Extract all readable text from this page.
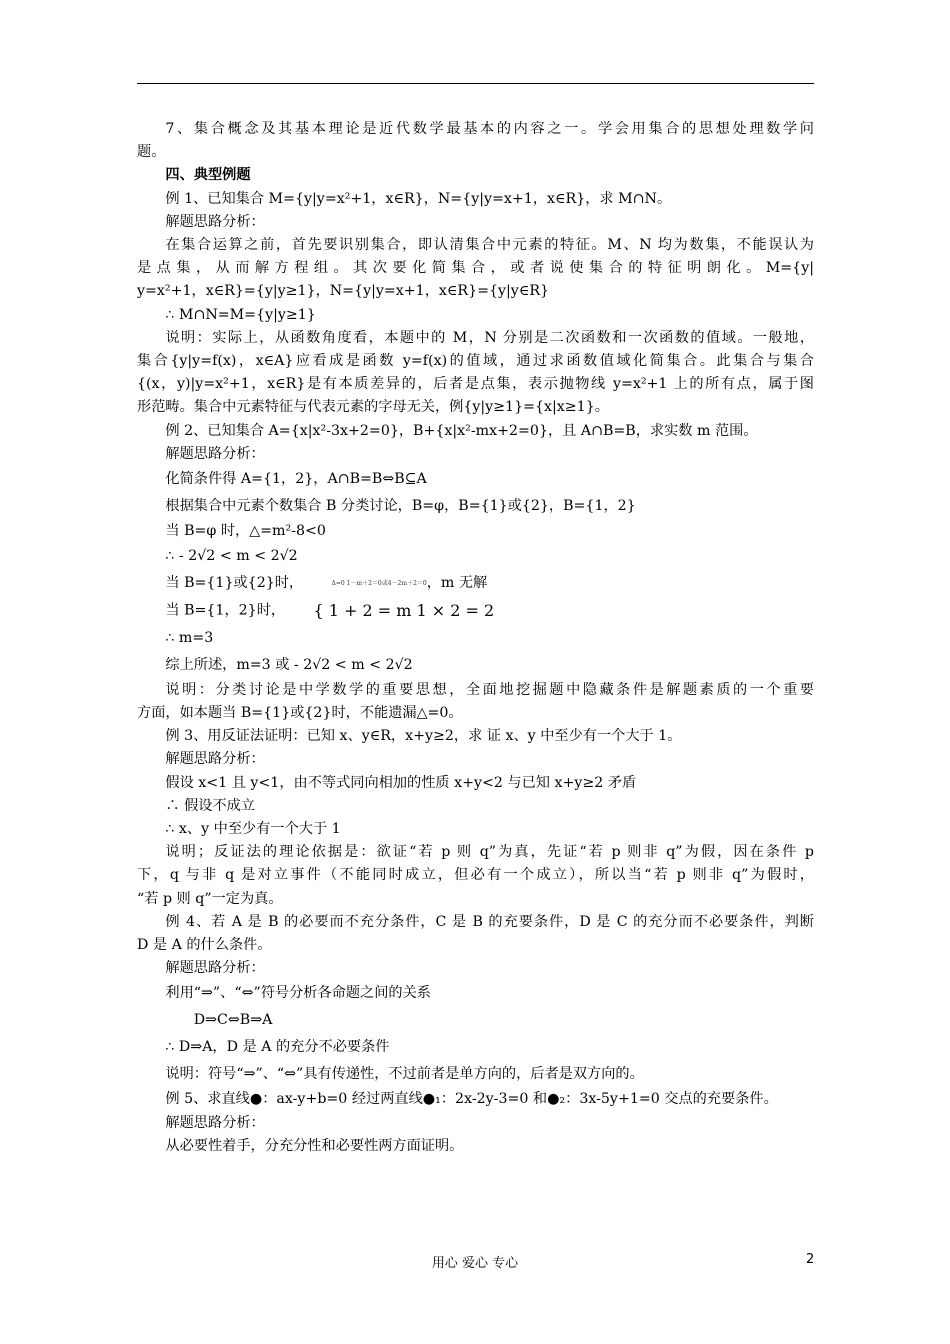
7、集合概念及其基本理论是近代数学最基本的内容之一。学会用集合的思想处理数学问

题。

四、典型例题

例 1、已知集合 M={y|y=x²+1，x∈R}，N={y|y=x+1，x∈R}，求 M∩N。

解题思路分析：

在集合运算之前，首先要识别集合，即认清集合中元素的特征。M、N 均为数集，不能误认为

是点集，从而解方程组。其次要化简集合，或者说使集合的特征明朗化。M={y|

y=x²+1，x∈R}={y|y≥1}，N={y|y=x+1，x∈R}={y|y∈R}

∴ M∩N=M={y|y≥1}

说明：实际上，从函数角度看，本题中的 M，N 分别是二次函数和一次函数的值域。一般地，

集合{y|y=f(x)，x∈A}应看成是函数 y=f(x)的值域，通过求函数值域化简集合。此集合与集合

{(x，y)|y=x²+1，x∈R}是有本质差异的，后者是点集，表示抛物线 y=x²+1 上的所有点，属于图

形范畴。集合中元素特征与代表元素的字母无关，例{y|y≥1}={x|x≥1}。

例 2、已知集合 A={x|x²-3x+2=0}，B+{x|x²-mx+2=0}，且 A∩B=B，求实数 m 范围。

解题思路分析：

化简条件得 A={1，2}，A∩B=B⇔B⊆A

根据集合中元素个数集合 B 分类讨论，B=φ，B={1}或{2}，B={1，2}

当 B=φ 时，△=m²-8<0

∴ - 2√2 < m < 2√2

当 B={1}或{2}时，	Δ=0 1－m＋2＝0或4－2m＋2＝0，m 无解

当 B={1，2}时， { 1 + 2 = m 1 × 2 = 2

∴ m=3

综上所述，m=3 或 - 2√2 < m < 2√2

说明：分类讨论是中学数学的重要思想，全面地挖掘题中隐藏条件是解题素质的一个重要

方面，如本题当 B={1}或{2}时，不能遗漏△=0。

例 3、用反证法证明：已知 x、y∈R，x+y≥2，求 证 x、y 中至少有一个大于 1。

解题思路分析：

假设 x<1 且 y<1，由不等式同向相加的性质 x+y<2 与已知 x+y≥2 矛盾

∴ 假设不成立

∴ x、y 中至少有一个大于 1

说明；反证法的理论依据是：欲证“若 p 则 q”为真，先证“若 p 则非 q”为假，因在条件 p

下，q 与非 q 是对立事件（不能同时成立，但必有一个成立），所以当“若 p 则非 q”为假时，

“若 p 则 q”一定为真。

例 4、若 A 是 B 的必要而不充分条件，C 是 B 的充要条件，D 是 C 的充分而不必要条件，判断

D 是 A 的什么条件。

解题思路分析：

利用“⇒”、“⇔”符号分析各命题之间的关系

D⇒C⇔B⇒A

∴ D⇒A，D 是 A 的充分不必要条件

说明：符号“⇒”、“⇔”具有传递性，不过前者是单方向的，后者是双方向的。

例 5、求直线●：ax-y+b=0 经过两直线●₁：2x-2y-3=0 和●₂：3x-5y+1=0 交点的充要条件。

解题思路分析：

从必要性着手，分充分性和必要性两方面证明。

用心 爱心 专心	2
